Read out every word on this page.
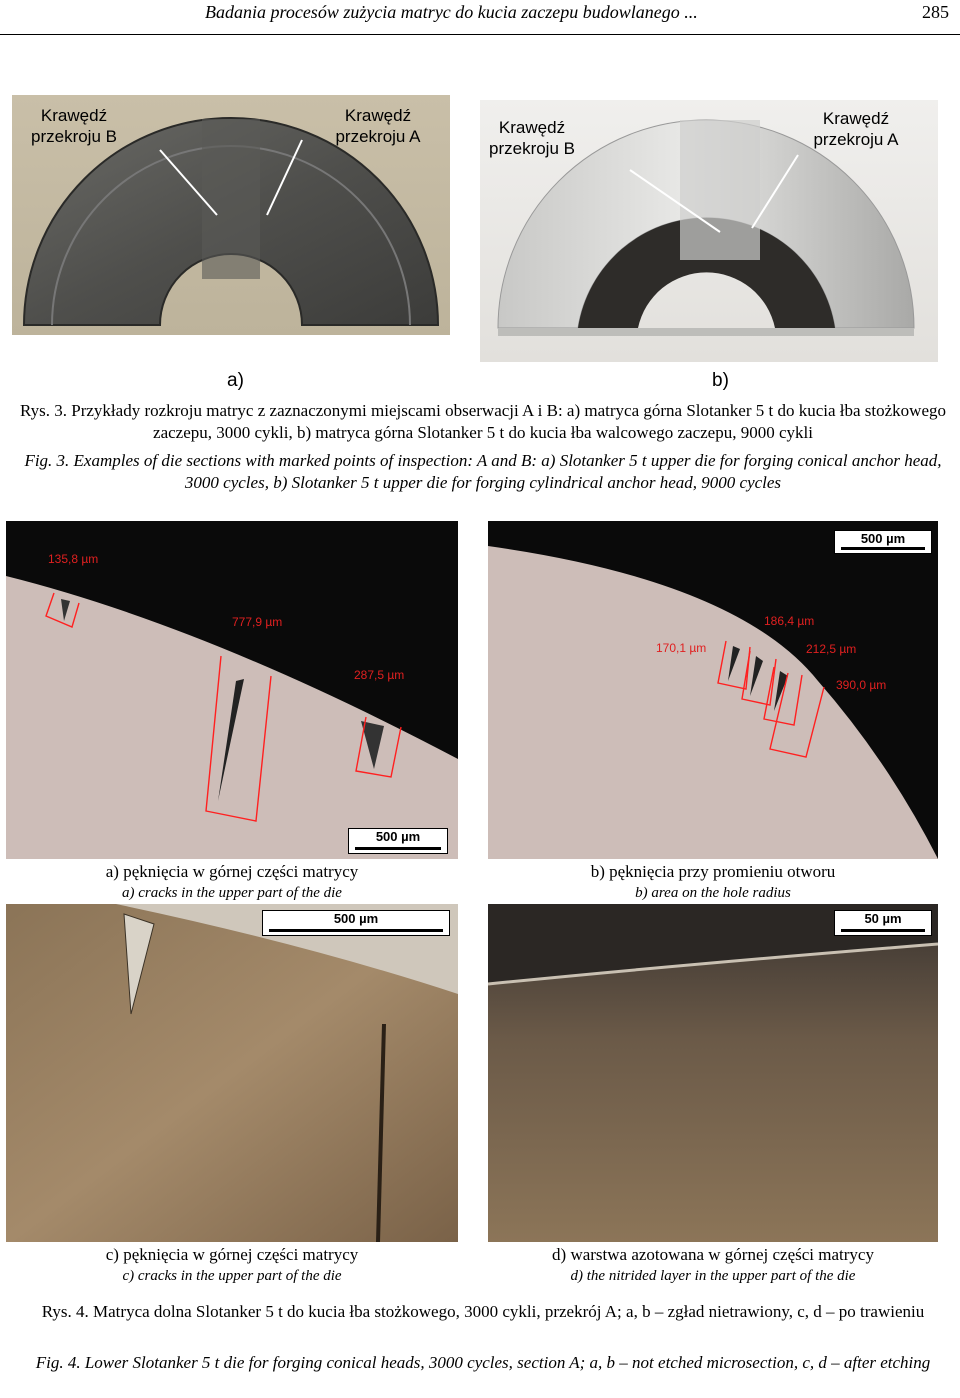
Badania procesów zużycia matryc do kucia zaczepu budowlanego ...	285
Krawędź
przekroju B
Krawędź
przekroju A
a)
Krawędź
przekroju B
Krawędź
przekroju A
b)
Rys. 3. Przykłady rozkroju matryc z zaznaczonymi miejscami obserwacji A i B: a) matryca górna Slotanker 5 t do kucia łba stożkowego zaczepu, 3000 cykli, b) matryca górna Slotanker 5 t do kucia łba walcowego zaczepu, 9000 cykli
Fig. 3. Examples of die sections with marked points of inspection: A and B: a) Slotanker 5 t upper die for forging conical anchor head, 3000 cycles, b) Slotanker 5 t upper die for forging cylindrical anchor head, 9000 cycles
135,8 µm
777,9 µm
287,5 µm
500 µm
186,4 µm
170,1 µm	212,5 µm
390,0 µm
500 µm
a) pęknięcia w górnej części matrycy
a) cracks in the upper part of the die
b) pęknięcia przy promieniu otworu
b) area on the hole radius
500 µm	50 µm
c) pęknięcia w górnej części matrycy
c) cracks in the upper part of the die
d) warstwa azotowana w górnej części matrycy
d) the nitrided layer in the upper part of the die
Rys. 4. Matryca dolna Slotanker 5 t do kucia łba stożkowego, 3000 cykli, przekrój A; a, b – zgład nietrawiony, c, d – po trawieniu
Fig. 4. Lower Slotanker 5 t die for forging conical heads, 3000 cycles, section A; a, b – not etched microsection, c, d – after etching
